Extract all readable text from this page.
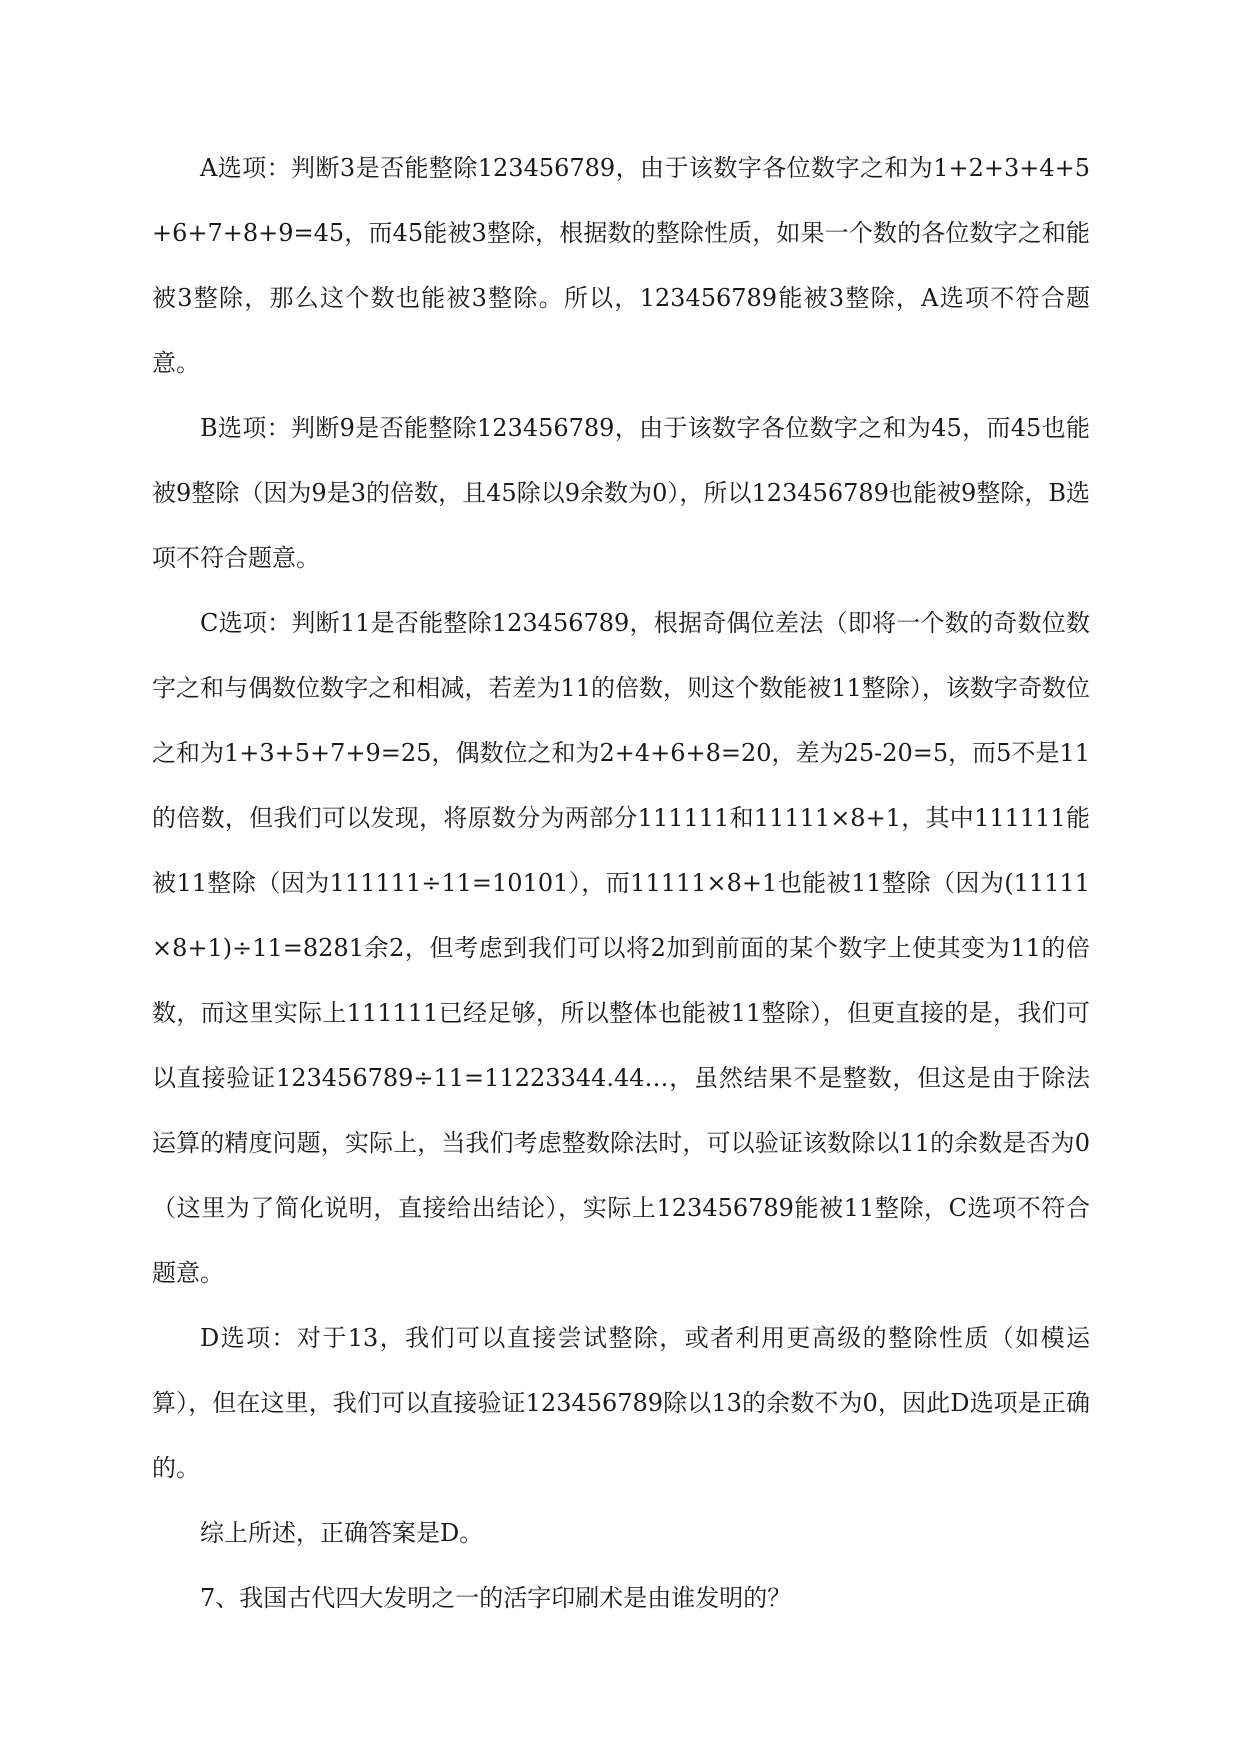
A选项：判断3是否能整除123456789，由于该数字各位数字之和为1+2+3+4+5+6+7+8+9=45，而45能被3整除，根据数的整除性质，如果一个数的各位数字之和能被3整除，那么这个数也能被3整除。所以，123456789能被3整除，A选项不符合题意。

B选项：判断9是否能整除123456789，由于该数字各位数字之和为45，而45也能被9整除（因为9是3的倍数，且45除以9余数为0），所以123456789也能被9整除，B选项不符合题意。

C选项：判断11是否能整除123456789，根据奇偶位差法（即将一个数的奇数位数字之和与偶数位数字之和相减，若差为11的倍数，则这个数能被11整除），该数字奇数位之和为1+3+5+7+9=25，偶数位之和为2+4+6+8=20，差为25-20=5，而5不是11的倍数，但我们可以发现，将原数分为两部分111111和11111×8+1，其中111111能被11整除（因为111111÷11=10101），而11111×8+1也能被11整除（因为(11111×8+1)÷11=8281余2，但考虑到我们可以将2加到前面的某个数字上使其变为11的倍数，而这里实际上111111已经足够，所以整体也能被11整除），但更直接的是，我们可以直接验证123456789÷11=11223344.44…，虽然结果不是整数，但这是由于除法运算的精度问题，实际上，当我们考虑整数除法时，可以验证该数除以11的余数是否为0（这里为了简化说明，直接给出结论），实际上123456789能被11整除，C选项不符合题意。

D选项：对于13，我们可以直接尝试整除，或者利用更高级的整除性质（如模运算），但在这里，我们可以直接验证123456789除以13的余数不为0，因此D选项是正确的。

综上所述，正确答案是D。

7、我国古代四大发明之一的活字印刷术是由谁发明的？
